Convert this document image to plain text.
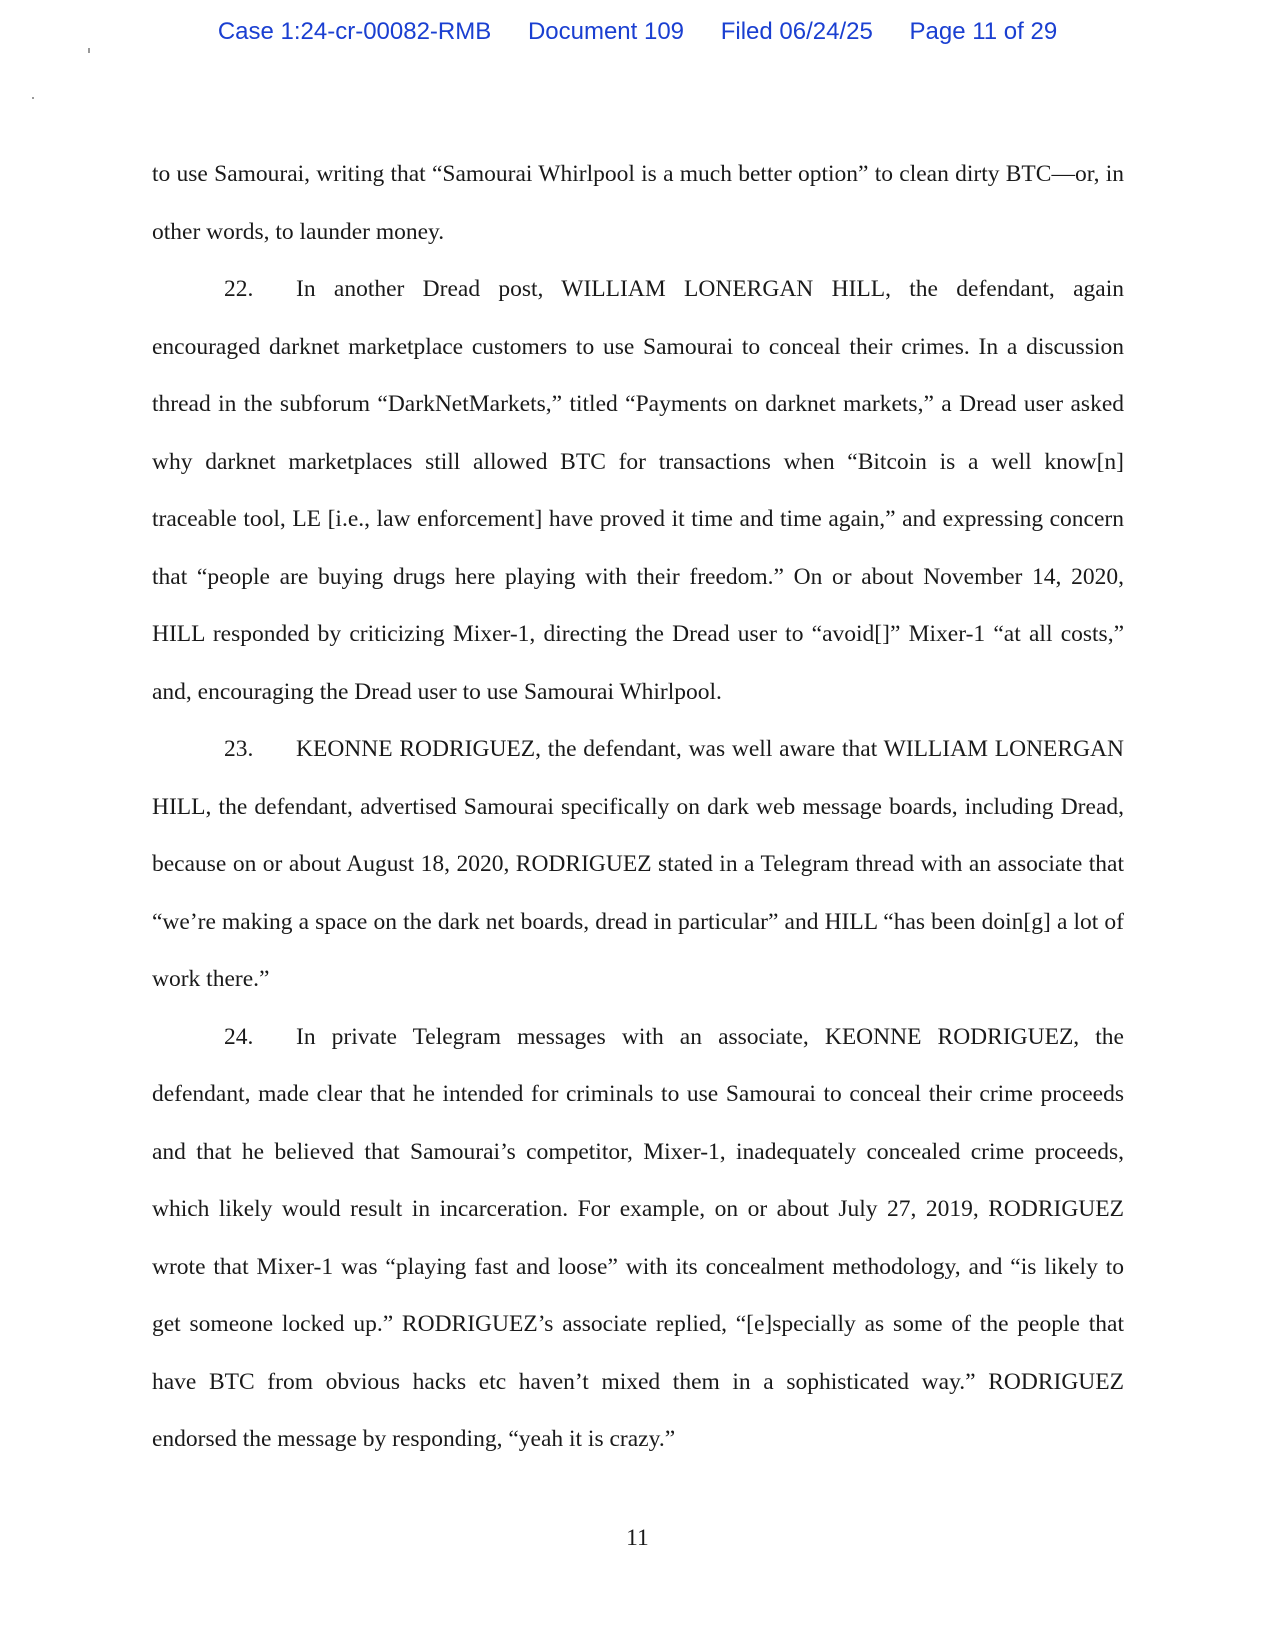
Case 1:24-cr-00082-RMB Document 109 Filed 06/24/25 Page 11 of 29

to use Samourai, writing that “Samourai Whirlpool is a much better option” to clean dirty BTC—or, in other words, to launder money.

22. In another Dread post, WILLIAM LONERGAN HILL, the defendant, again encouraged darknet marketplace customers to use Samourai to conceal their crimes. In a discussion thread in the subforum “DarkNetMarkets,” titled “Payments on darknet markets,” a Dread user asked why darknet marketplaces still allowed BTC for transactions when “Bitcoin is a well know[n] traceable tool, LE [i.e., law enforcement] have proved it time and time again,” and expressing concern that “people are buying drugs here playing with their freedom.” On or about November 14, 2020, HILL responded by criticizing Mixer-1, directing the Dread user to “avoid[]” Mixer-1 “at all costs,” and, encouraging the Dread user to use Samourai Whirlpool.

23. KEONNE RODRIGUEZ, the defendant, was well aware that WILLIAM LONERGAN HILL, the defendant, advertised Samourai specifically on dark web message boards, including Dread, because on or about August 18, 2020, RODRIGUEZ stated in a Telegram thread with an associate that “we’re making a space on the dark net boards, dread in particular” and HILL “has been doin[g] a lot of work there.”

24. In private Telegram messages with an associate, KEONNE RODRIGUEZ, the defendant, made clear that he intended for criminals to use Samourai to conceal their crime proceeds and that he believed that Samourai’s competitor, Mixer-1, inadequately concealed crime proceeds, which likely would result in incarceration. For example, on or about July 27, 2019, RODRIGUEZ wrote that Mixer-1 was “playing fast and loose” with its concealment methodology, and “is likely to get someone locked up.” RODRIGUEZ’s associate replied, “[e]specially as some of the people that have BTC from obvious hacks etc haven’t mixed them in a sophisticated way.” RODRIGUEZ endorsed the message by responding, “yeah it is crazy.”

11
